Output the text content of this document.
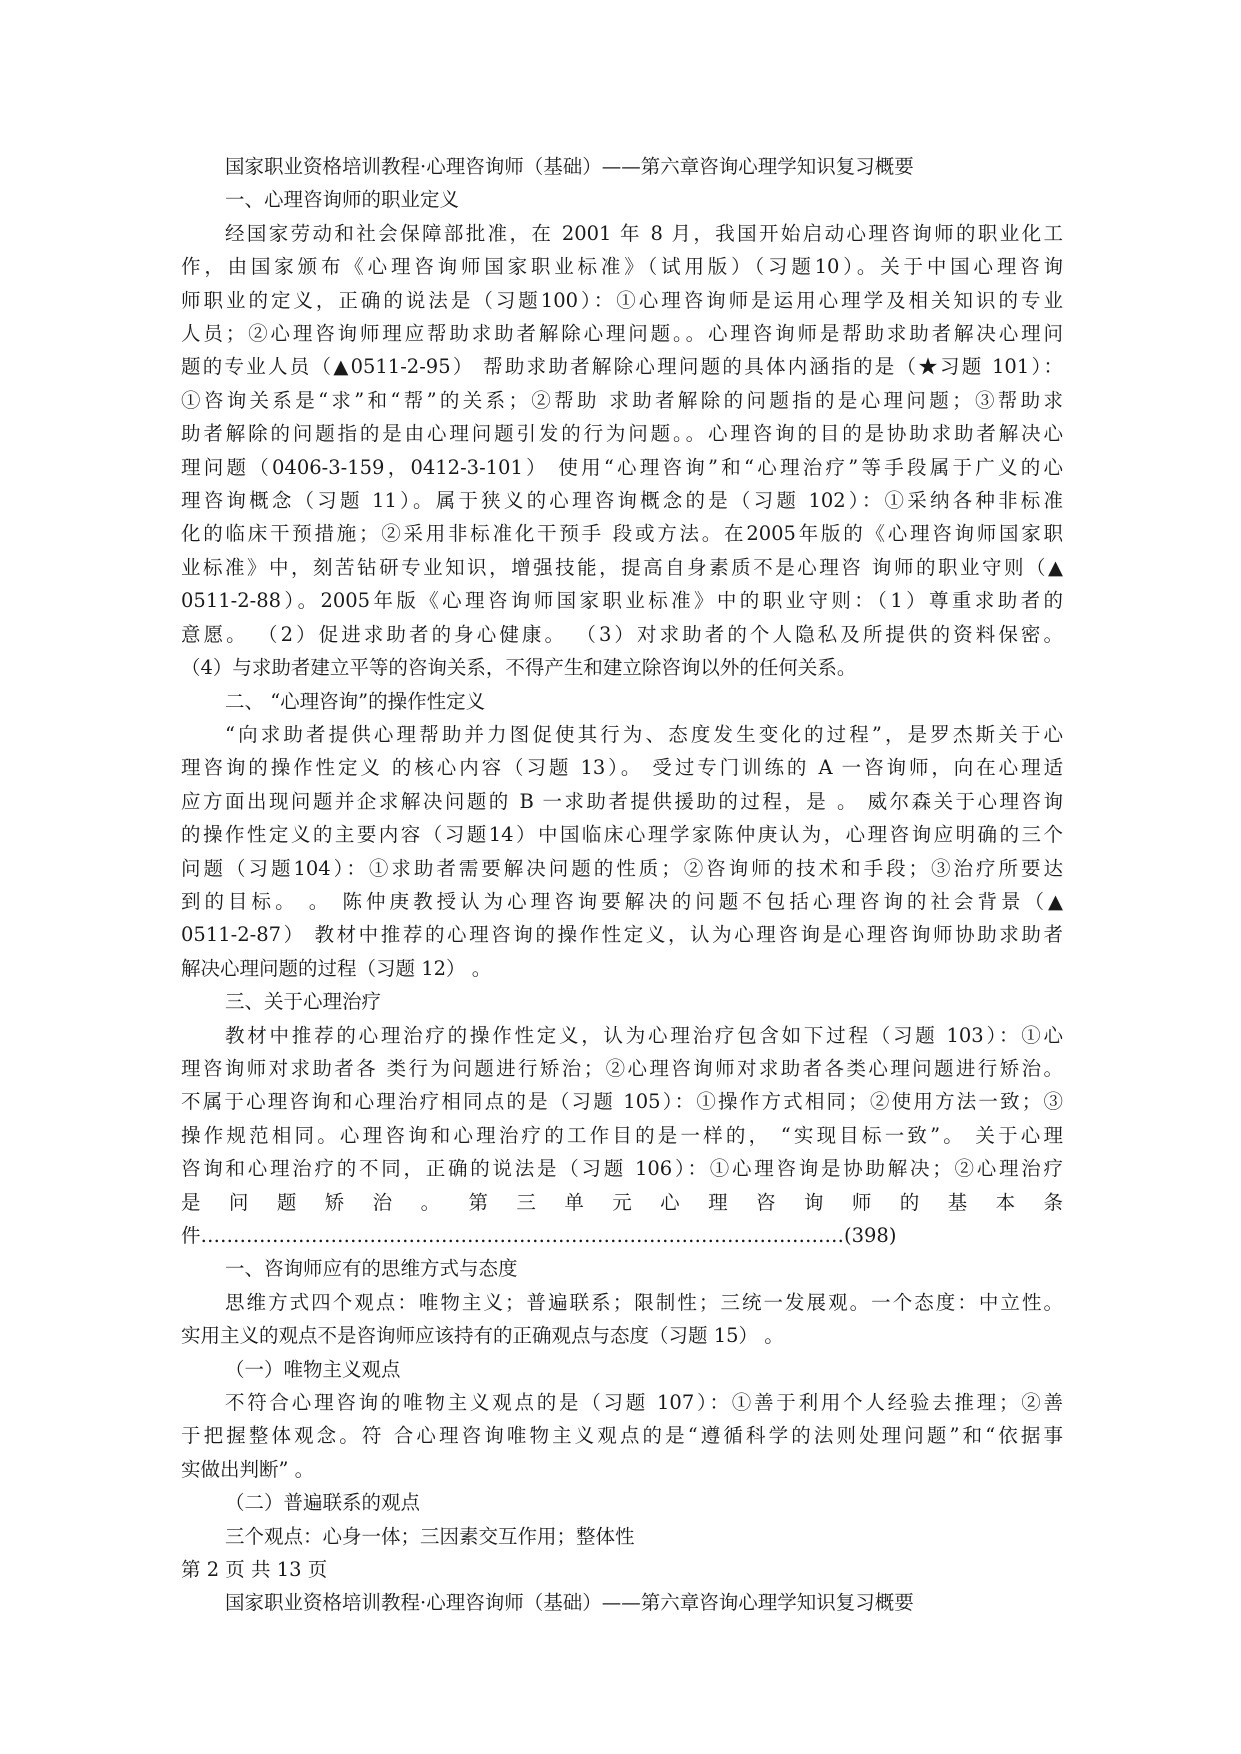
国家职业资格培训教程·心理咨询师（基础）——第六章咨询心理学知识复习概要

一、心理咨询师的职业定义

经国家劳动和社会保障部批准，在 2001 年 8 月，我国开始启动心理咨询师的职业化工

作，由国家颁布《心理咨询师国家职业标准》（试用版）（习题10）。关于中国心理咨询

师职业的定义，正确的说法是（习题100）：①心理咨询师是运用心理学及相关知识的专业

人员；②心理咨询师理应帮助求助者解除心理问题。。心理咨询师是帮助求助者解决心理问

题的专业人员（▲0511-2-95） 帮助求助者解除心理问题的具体内涵指的是（★习题 101）：

①咨询关系是“求”和“帮”的关系；②帮助 求助者解除的问题指的是心理问题；③帮助求

助者解除的问题指的是由心理问题引发的行为问题。。心理咨询的目的是协助求助者解决心

理问题（0406-3-159，0412-3-101） 使用“心理咨询”和“心理治疗”等手段属于广义的心

理咨询概念（习题 11）。属于狭义的心理咨询概念的是（习题 102）：①采纳各种非标准

化的临床干预措施；②采用非标准化干预手 段或方法。在2005年版的《心理咨询师国家职

业标准》中，刻苦钻研专业知识，增强技能，提高自身素质不是心理咨 询师的职业守则（▲

0511-2-88）。2005年版《心理咨询师国家职业标准》中的职业守则：（1）尊重求助者的

意愿。 （2）促进求助者的身心健康。 （3）对求助者的个人隐私及所提供的资料保密。

（4）与求助者建立平等的咨询关系，不得产生和建立除咨询以外的任何关系。

二、 “心理咨询”的操作性定义

“向求助者提供心理帮助并力图促使其行为、态度发生变化的过程”，是罗杰斯关于心

理咨询的操作性定义 的核心内容（习题 13）。 受过专门训练的 A 一咨询师，向在心理适

应方面出现问题并企求解决问题的 B 一求助者提供援助的过程，是 。 威尔森关于心理咨询

的操作性定义的主要内容（习题14）中国临床心理学家陈仲庚认为，心理咨询应明确的三个

问题（习题104）：①求助者需要解决问题的性质；②咨询师的技术和手段；③治疗所要达

到的目标。 。 陈仲庚教授认为心理咨询要解决的问题不包括心理咨询的社会背景（▲

0511-2-87） 教材中推荐的心理咨询的操作性定义，认为心理咨询是心理咨询师协助求助者

解决心理问题的过程（习题 12） 。

三、关于心理治疗

教材中推荐的心理治疗的操作性定义，认为心理治疗包含如下过程（习题 103）：①心

理咨询师对求助者各 类行为问题进行矫治；②心理咨询师对求助者各类心理问题进行矫治。

不属于心理咨询和心理治疗相同点的是（习题 105）：①操作方式相同；②使用方法一致；③

操作规范相同。心理咨询和心理治疗的工作目的是一样的， “实现目标一致”。 关于心理

咨询和心理治疗的不同，正确的说法是（习题 106）：①心理咨询是协助解决；②心理治疗

是 问 题 矫 治 。 第 三 单 元 心 理 咨 询 师 的 基 本 条

件………………………………………………………………………………………(398)

一、咨询师应有的思维方式与态度

思维方式四个观点：唯物主义；普遍联系；限制性；三统一发展观。一个态度：中立性。

实用主义的观点不是咨询师应该持有的正确观点与态度（习题 15） 。

（一）唯物主义观点

不符合心理咨询的唯物主义观点的是（习题 107）：①善于利用个人经验去推理；②善

于把握整体观念。符 合心理咨询唯物主义观点的是“遵循科学的法则处理问题”和“依据事

实做出判断” 。

（二）普遍联系的观点

三个观点：心身一体；三因素交互作用；整体性

第 2 页 共 13 页

国家职业资格培训教程·心理咨询师（基础）——第六章咨询心理学知识复习概要
